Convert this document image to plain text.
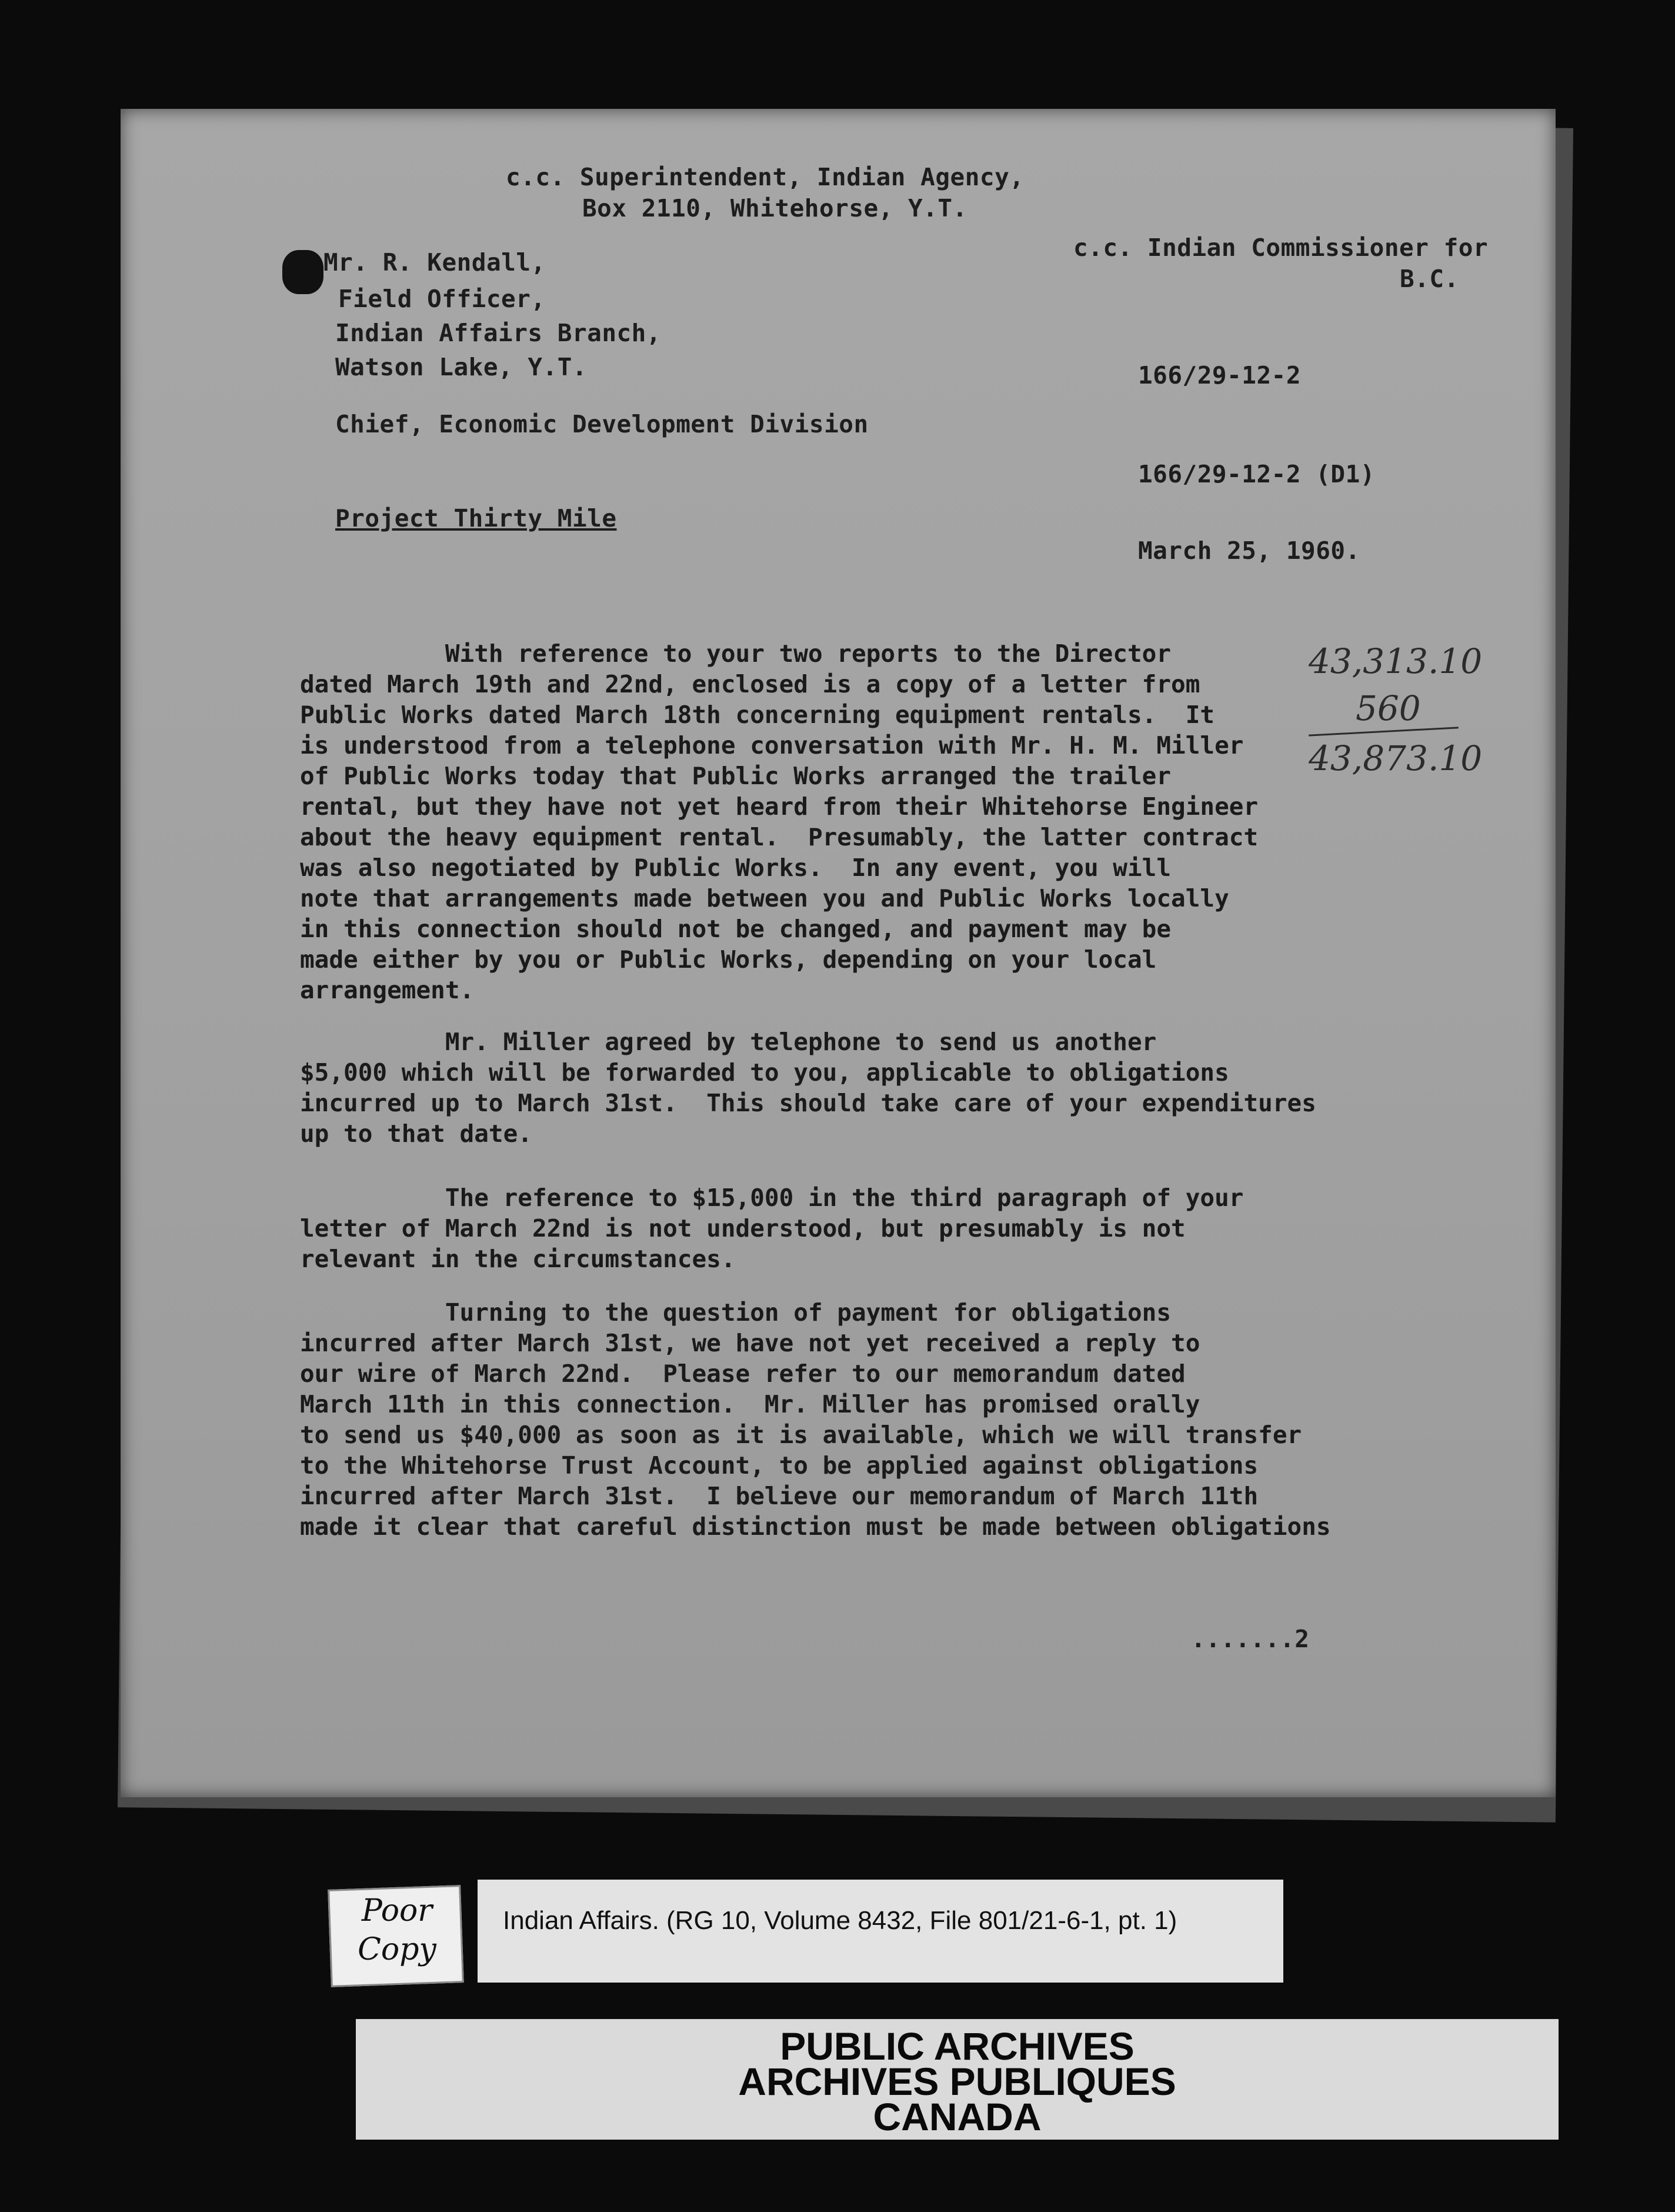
c.c. Superintendent, Indian Agency,
Box 2110, Whitehorse, Y.T.
c.c. Indian Commissioner for
B.C.
Mr. R. Kendall,
Field Officer,
Indian Affairs Branch,
Watson Lake, Y.T.	166/29-12-2
Chief, Economic Development Division
166/29-12-2 (D1)
Project Thirty Mile
March 25, 1960.
With reference to your two reports to the Director
dated March 19th and 22nd, enclosed is a copy of a letter from
Public Works dated March 18th concerning equipment rentals.  It
is understood from a telephone conversation with Mr. H. M. Miller
of Public Works today that Public Works arranged the trailer
rental, but they have not yet heard from their Whitehorse Engineer
about the heavy equipment rental.  Presumably, the latter contract
was also negotiated by Public Works.  In any event, you will
note that arrangements made between you and Public Works locally
in this connection should not be changed, and payment may be
made either by you or Public Works, depending on your local
arrangement.
Mr. Miller agreed by telephone to send us another
$5,000 which will be forwarded to you, applicable to obligations
incurred up to March 31st.  This should take care of your expenditures
up to that date.
The reference to $15,000 in the third paragraph of your
letter of March 22nd is not understood, but presumably is not
relevant in the circumstances.
Turning to the question of payment for obligations
incurred after March 31st, we have not yet received a reply to
our wire of March 22nd.  Please refer to our memorandum dated
March 11th in this connection.  Mr. Miller has promised orally
to send us $40,000 as soon as it is available, which we will transfer
to the Whitehorse Trust Account, to be applied against obligations
incurred after March 31st.  I believe our memorandum of March 11th
made it clear that careful distinction must be made between obligations
.......2
43,313.10
560
43,873.10
Indian Affairs. (RG 10, Volume 8432, File 801/21-6-1, pt. 1)
Poor
Copy
PUBLIC ARCHIVES
ARCHIVES PUBLIQUES
CANADA
